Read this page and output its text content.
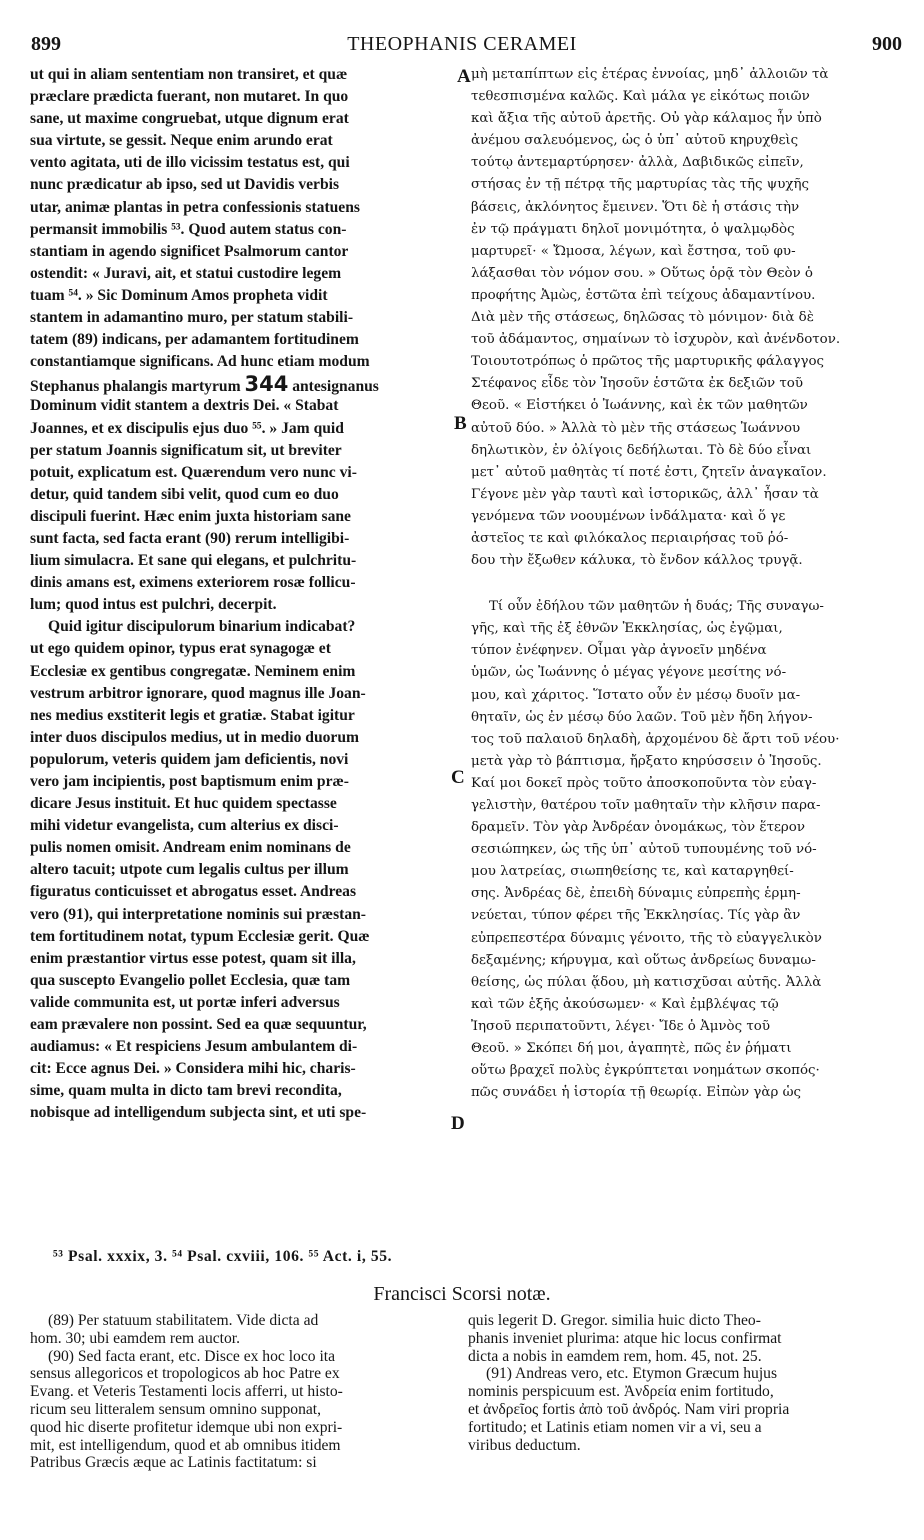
899	THEOPHANIS CERAMEI	900
ut qui in aliam sententiam non transiret, et quæ
præclare prædicta fuerant, non mutaret. In quo
sane, ut maxime congruebat, utque dignum erat
sua virtute, se gessit. Neque enim arundo erat
vento agitata, uti de illo vicissim testatus est, qui
nunc prædicatur ab ipso, sed ut Davidis verbis
utar, animæ plantas in petra confessionis statuens
permansit immobilis ⁵³. Quod autem status con-
stantiam in agendo significet Psalmorum cantor
ostendit: « Juravi, ait, et statui custodire legem
tuam ⁵⁴. » Sic Dominum Amos propheta vidit
stantem in adamantino muro, per statum stabili-
tatem (89) indicans, per adamantem fortitudinem
constantiamque significans. Ad hunc etiam modum
Stephanus phalangis martyrum 344 antesignanus
Dominum vidit stantem a dextris Dei. « Stabat
Joannes, et ex discipulis ejus duo ⁵⁵. » Jam quid
per statum Joannis significatum sit, ut breviter
potuit, explicatum est. Quærendum vero nunc vi-
detur, quid tandem sibi velit, quod cum eo duo
discipuli fuerint. Hæc enim juxta historiam sane
sunt facta, sed facta erant (90) rerum intelligibi-
lium simulacra. Et sane qui elegans, et pulchritu-
dinis amans est, eximens exteriorem rosæ follicu-
lum; quod intus est pulchri, decerpit.
Quid igitur discipulorum binarium indicabat?
ut ego quidem opinor, typus erat synagogæ et
Ecclesiæ ex gentibus congregatæ. Neminem enim
vestrum arbitror ignorare, quod magnus ille Joan-
nes medius exstiterit legis et gratiæ. Stabat igitur
inter duos discipulos medius, ut in medio duorum
populorum, veteris quidem jam deficientis, novi
vero jam incipientis, post baptismum enim præ-
dicare Jesus instituit. Et huc quidem spectasse
mihi videtur evangelista, cum alterius ex disci-
pulis nomen omisit. Andream enim nominans de
altero tacuit; utpote cum legalis cultus per illum
figuratus conticuisset et abrogatus esset. Andreas
vero (91), qui interpretatione nominis sui præstan-
tem fortitudinem notat, typum Ecclesiæ gerit. Quæ
enim præstantior virtus esse potest, quam sit illa,
qua suscepto Evangelio pollet Ecclesia, quæ tam
valide communita est, ut portæ inferi adversus
eam prævalere non possint. Sed ea quæ sequuntur,
audiamus: « Et respiciens Jesum ambulantem di-
cit: Ecce agnus Dei. » Considera mihi hic, charis-
sime, quam multa in dicto tam brevi recondita,
nobisque ad intelligendum subjecta sint, et uti spe-
μὴ μεταπίπτων εἰς ἑτέρας ἐννοίας, μηδ᾽ ἀλλοιῶν τὰ
τεθεσπισμένα καλῶς. Καὶ μάλα γε εἰκότως ποιῶν
καὶ ἄξια τῆς αὐτοῦ ἀρετῆς. Οὐ γὰρ κάλαμος ἦν ὑπὸ
ἀνέμου σαλευόμενος, ὡς ὁ ὑπ᾽ αὐτοῦ κηρυχθεὶς
τούτῳ ἀντεμαρτύρησεν· ἀλλὰ, Δαβιδικῶς εἰπεῖν,
στήσας ἐν τῇ πέτρᾳ τῆς μαρτυρίας τὰς τῆς ψυχῆς
βάσεις, ἀκλόνητος ἔμεινεν. Ὅτι δὲ ἡ στάσις τὴν
ἐν τῷ πράγματι δηλοῖ μονιμότητα, ὁ ψαλμῳδὸς
μαρτυρεῖ· « Ὤμοσα, λέγων, καὶ ἔστησα, τοῦ φυ-
λάξασθαι τὸν νόμον σου. » Οὕτως ὁρᾷ τὸν Θεὸν ὁ
προφήτης Ἀμὼς, ἑστῶτα ἐπὶ τείχους ἀδαμαντίνου.
Διὰ μὲν τῆς στάσεως, δηλῶσας τὸ μόνιμον· διὰ δὲ
τοῦ ἀδάμαντος, σημαίνων τὸ ἰσχυρὸν, καὶ ἀνένδοτον.
Τοιουτοτρόπως ὁ πρῶτος τῆς μαρτυρικῆς φάλαγγος
Στέφανος εἶδε τὸν Ἰησοῦν ἑστῶτα ἐκ δεξιῶν τοῦ
Θεοῦ. « Εἱστήκει ὁ Ἰωάννης, καὶ ἐκ τῶν μαθητῶν
αὐτοῦ δύο. » Ἀλλὰ τὸ μὲν τῆς στάσεως Ἰωάννου
δηλωτικὸν, ἐν ὀλίγοις δεδήλωται. Τὸ δὲ δύο εἶναι
μετ᾽ αὐτοῦ μαθητὰς τί ποτέ ἐστι, ζητεῖν ἀναγκαῖον.
Γέγονε μὲν γὰρ ταυτὶ καὶ ἱστορικῶς, ἀλλ᾽ ἦσαν τὰ
γενόμενα τῶν νοουμένων ἰνδάλματα· καὶ ὅ γε
ἀστεῖος τε καὶ φιλόκαλος περιαιρήσας τοῦ ῥό-
δου τὴν ἔξωθεν κάλυκα, τὸ ἔνδον κάλλος τρυγᾷ.
Τί οὖν ἐδήλου τῶν μαθητῶν ἡ δυάς; Τῆς συναγω-
γῆς, καὶ τῆς ἐξ ἐθνῶν Ἐκκλησίας, ὡς ἐγῷμαι,
τύπον ἐνέφηνεν. Οἶμαι γὰρ ἀγνοεῖν μηδένα
ὑμῶν, ὡς Ἰωάννης ὁ μέγας γέγονε μεσίτης νό-
μου, καὶ χάριτος. Ἵστατο οὖν ἐν μέσῳ δυοῖν μα-
θηταῖν, ὡς ἐν μέσῳ δύο λαῶν. Τοῦ μὲν ἤδη λήγον-
τος τοῦ παλαιοῦ δηλαδὴ, ἀρχομένου δὲ ἄρτι τοῦ νέου·
μετὰ γὰρ τὸ βάπτισμα, ἤρξατο κηρύσσειν ὁ Ἰησοῦς.
Καί μοι δοκεῖ πρὸς τοῦτο ἀποσκοποῦντα τὸν εὐαγ-
γελιστὴν, θατέρου τοῖν μαθηταῖν τὴν κλῆσιν παρα-
δραμεῖν. Τὸν γὰρ Ἀνδρέαν ὀνομάκως, τὸν ἕτερον
σεσιώπηκεν, ὡς τῆς ὑπ᾽ αὐτοῦ τυπουμένης τοῦ νό-
μου λατρείας, σιωπηθείσης τε, καὶ καταργηθεί-
σης. Ἀνδρέας δὲ, ἐπειδὴ δύναμις εὐπρεπὴς ἑρμη-
νεύεται, τύπον φέρει τῆς Ἐκκλησίας. Τίς γὰρ ἂν
εὐπρεπεστέρα δύναμις γένοιτο, τῆς τὸ εὐαγγελικὸν
δεξαμένης; κήρυγμα, καὶ οὕτως ἀνδρείως δυναμω-
θείσης, ὡς πύλαι ᾅδου, μὴ κατισχῦσαι αὐτῆς. Ἀλλὰ
καὶ τῶν ἑξῆς ἀκούσωμεν· « Καὶ ἐμβλέψας τῷ
Ἰησοῦ περιπατοῦντι, λέγει· Ἴδε ὁ Ἀμνὸς τοῦ
Θεοῦ. » Σκόπει δή μοι, ἀγαπητὲ, πῶς ἐν ῥήματι
οὕτω βραχεῖ πολὺς ἐγκρύπτεται νοημάτων σκοπός·
πῶς συνάδει ἡ ἱστορία τῇ θεωρίᾳ. Εἰπὼν γὰρ ὡς
A
B
C
D
⁵³ Psal. xxxix, 3. ⁵⁴ Psal. cxviii, 106. ⁵⁵ Act. i, 55.
Francisci Scorsi notæ.
(89) Per statuum stabilitatem. Vide dicta ad
hom. 30; ubi eamdem rem auctor.
(90) Sed facta erant, etc. Disce ex hoc loco ita
sensus allegoricos et tropologicos ab hoc Patre ex
Evang. et Veteris Testamenti locis afferri, ut histo-
ricum seu litteralem sensum omnino supponat,
quod hic diserte profitetur idemque ubi non expri-
mit, est intelligendum, quod et ab omnibus itidem
Patribus Græcis æque ac Latinis factitatum: si
quis legerit D. Gregor. similia huic dicto Theo-
phanis inveniet plurima: atque hic locus confirmat
dicta a nobis in eamdem rem, hom. 45, not. 25.
(91) Andreas vero, etc. Etymon Græcum hujus
nominis perspicuum est. Ἀνδρεία enim fortitudo,
et ἀνδρεῖος fortis ἀπὸ τοῦ ἀνδρός. Nam viri propria
fortitudo; et Latinis etiam nomen vir a vi, seu a
viribus deductum.
